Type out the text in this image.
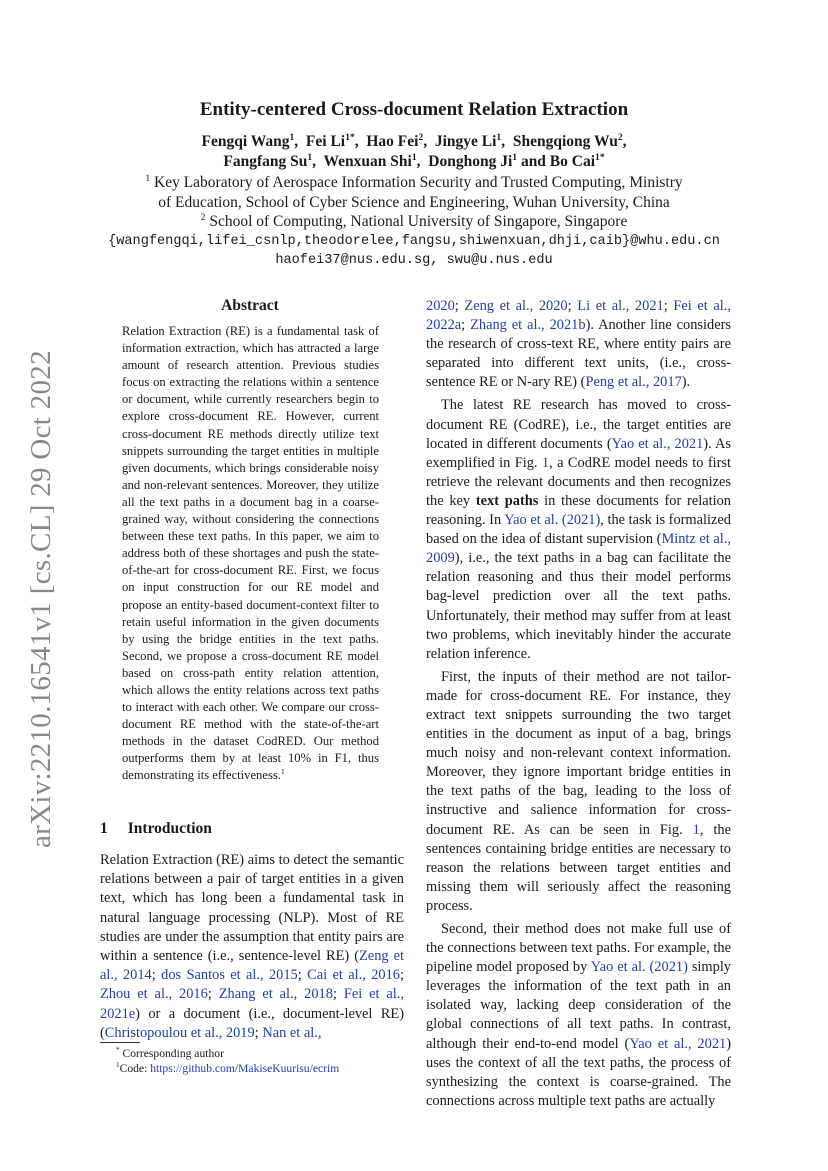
arXiv:2210.16541v1 [cs.CL] 29 Oct 2022
Entity-centered Cross-document Relation Extraction
Fengqi Wang$^1$,  Fei $Li^{1*}$,  Hao Fei$^2$,  Jingye Li$^1$,  Shengqiong Wu$^2$,
Fangfang Su$^1$,  Wenxuan Shi$^1$,  Donghong Ji$^1$ and Bo Cai$^{1*}$
$^1$ Key Laboratory of Aerospace Information Security and Trusted Computing, Ministry
of Education, School of Cyber Science and Engineering, Wuhan University, China
$^2$ School of Computing, National University of Singapore, Singapore
{wangfengqi,lifei_csnlp,theodorelee,fangsu,shiwenxuan,dhji,caib}@whu.edu.cn
haofei37@nus.edu.sg, swu@u.nus.edu
Abstract
Relation Extraction (RE) is a fundamental task of information extraction, which has attracted a large amount of research attention. Previous studies focus on extracting the relations within a sentence or document, while currently researchers begin to explore cross-document RE. However, current cross-document RE methods directly utilize text snippets surrounding the target entities in multiple given documents, which brings considerable noisy and non-relevant sentences. Moreover, they utilize all the text paths in a document bag in a coarse-grained way, without considering the connections between these text paths. In this paper, we aim to address both of these shortages and push the state-of-the-art for cross-document RE. First, we focus on input construction for our RE model and propose an entity-based document-context filter to retain useful information in the given documents by using the bridge entities in the text paths. Second, we propose a cross-document RE model based on cross-path entity relation attention, which allows the entity relations across text paths to interact with each other. We compare our cross-document RE method with the state-of-the-art methods in the dataset CodRED. Our method outperforms them by at least 10% in F1, thus demonstrating its effectiveness.$^1$
1 Introduction
Relation Extraction (RE) aims to detect the semantic relations between a pair of target entities in a given text, which has long been a fundamental task in natural language processing (NLP). Most of RE studies are under the assumption that entity pairs are within a sentence (i.e., sentence-level RE) (Zeng et al., 2014; dos Santos et al., 2015; Cai et al., 2016; Zhou et al., 2016; Zhang et al., 2018; Fei et al., 2021e) or a document (i.e., document-level RE) (Christopoulou et al., 2019; Nan et al.,
* Corresponding author
$^1$Code: https://github.com/MakiseKuurisu/ecrim

2020; Zeng et al., 2020; Li et al., 2021; Fei et al., 2022a; Zhang et al., 2021b). Another line considers the research of cross-text RE, where entity pairs are separated into different text units, (i.e., cross-sentence RE or N-ary RE) (Peng et al., 2017).

The latest RE research has moved to cross-document RE (CodRE), i.e., the target entities are located in different documents (Yao et al., 2021). As exemplified in Fig. 1, a CodRE model needs to first retrieve the relevant documents and then recognizes the key text paths in these documents for relation reasoning. In Yao et al. (2021), the task is formalized based on the idea of distant supervision (Mintz et al., 2009), i.e., the text paths in a bag can facilitate the relation reasoning and thus their model performs bag-level prediction over all the text paths. Unfortunately, their method may suffer from at least two problems, which inevitably hinder the accurate relation inference.

First, the inputs of their method are not tailor-made for cross-document RE. For instance, they extract text snippets surrounding the two target entities in the document as input of a bag, brings much noisy and non-relevant context information. Moreover, they ignore important bridge entities in the text paths of the bag, leading to the loss of instructive and salience information for cross-document RE. As can be seen in Fig. 1, the sentences containing bridge entities are necessary to reason the relations between target entities and missing them will seriously affect the reasoning process.

Second, their method does not make full use of the connections between text paths. For example, the pipeline model proposed by Yao et al. (2021) simply leverages the information of the text path in an isolated way, lacking deep consideration of the global connections of all text paths. In contrast, although their end-to-end model (Yao et al., 2021) uses the context of all the text paths, the process of synthesizing the context is coarse-grained. The connections across multiple text paths are actually
